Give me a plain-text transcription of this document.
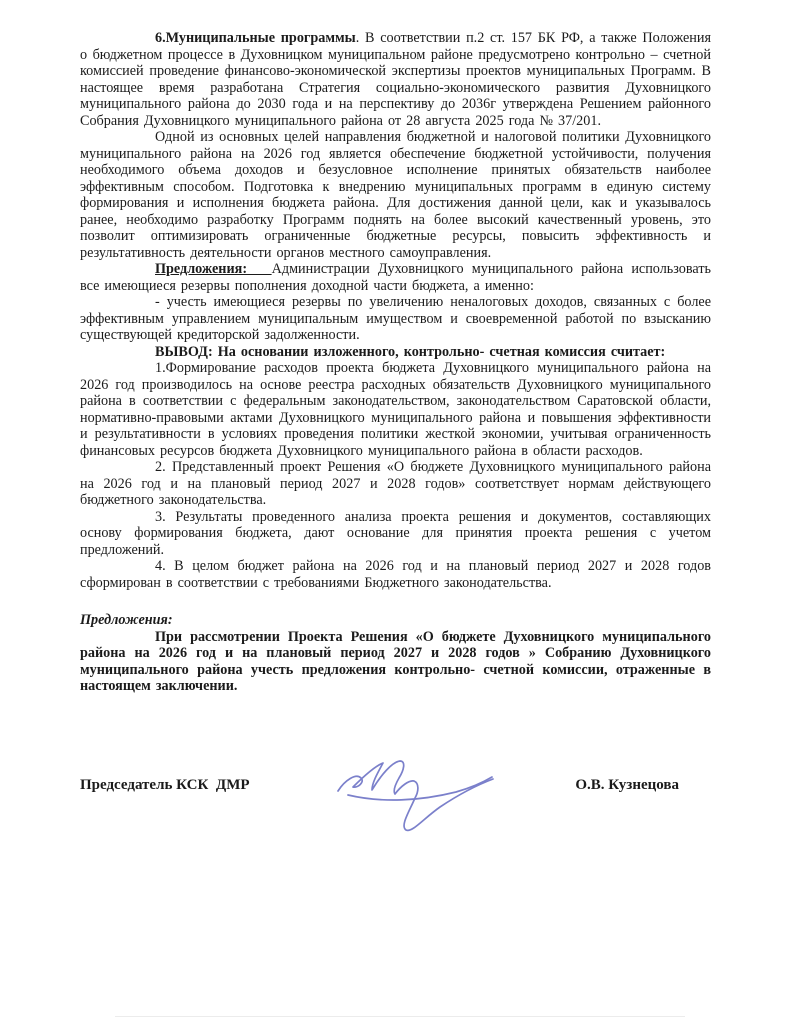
6.Муниципальные программы. В соответствии п.2 ст. 157 БК РФ, а также Положения о бюджетном процессе в Духовницком муниципальном районе предусмотрено контрольно – счетной комиссией проведение финансово-экономической экспертизы проектов муниципальных Программ. В настоящее время разработана Стратегия социально-экономического развития Духовницкого муниципального района до 2030 года и на перспективу до 2036г утверждена Решением районного Собрания Духовницкого муниципального района от 28 августа 2025 года № 37/201.

Одной из основных целей направления бюджетной и налоговой политики Духовницкого муниципального района на 2026 год является обеспечение бюджетной устойчивости, получения необходимого объема доходов и безусловное исполнение принятых обязательств наиболее эффективным способом. Подготовка к внедрению муниципальных программ в единую систему формирования и исполнения бюджета района. Для достижения данной цели, как и указывалось ранее, необходимо разработку Программ поднять на более высокий качественный уровень, это позволит оптимизировать ограниченные бюджетные ресурсы, повысить эффективность и результативность деятельности органов местного самоуправления.

Предложения:   Администрации Духовницкого муниципального района использовать все имеющиеся резервы пополнения доходной части бюджета, а именно:

- учесть имеющиеся резервы по увеличению неналоговых доходов, связанных с более эффективным управлением муниципальным имуществом и своевременной работой по взысканию существующей кредиторской задолженности.

ВЫВОД: На основании изложенного, контрольно- счетная комиссия считает:

1.Формирование расходов проекта бюджета Духовницкого муниципального района на 2026 год производилось на основе реестра расходных обязательств Духовницкого муниципального района в соответствии с федеральным законодательством, законодательством Саратовской области, нормативно-правовыми актами Духовницкого муниципального района и повышения эффективности и результативности в условиях проведения политики жесткой экономии, учитывая ограниченность финансовых ресурсов бюджета Духовницкого муниципального района в области расходов.

2. Представленный проект Решения «О бюджете Духовницкого муниципального района на 2026 год и на плановый период 2027 и 2028 годов» соответствует нормам действующего бюджетного законодательства.

3. Результаты проведенного анализа проекта решения и документов, составляющих основу формирования бюджета, дают основание для принятия проекта решения с учетом предложений.

4. В целом бюджет района на 2026 год и на плановый период 2027 и 2028 годов сформирован в соответствии с требованиями Бюджетного законодательства.

Предложения:

При рассмотрении Проекта Решения «О бюджете Духовницкого муниципального района на 2026 год и на плановый период 2027 и 2028 годов » Собранию Духовницкого муниципального района учесть предложения контрольно- счетной комиссии, отраженные в настоящем заключении.

Председатель КСК  ДМР	О.В. Кузнецова
